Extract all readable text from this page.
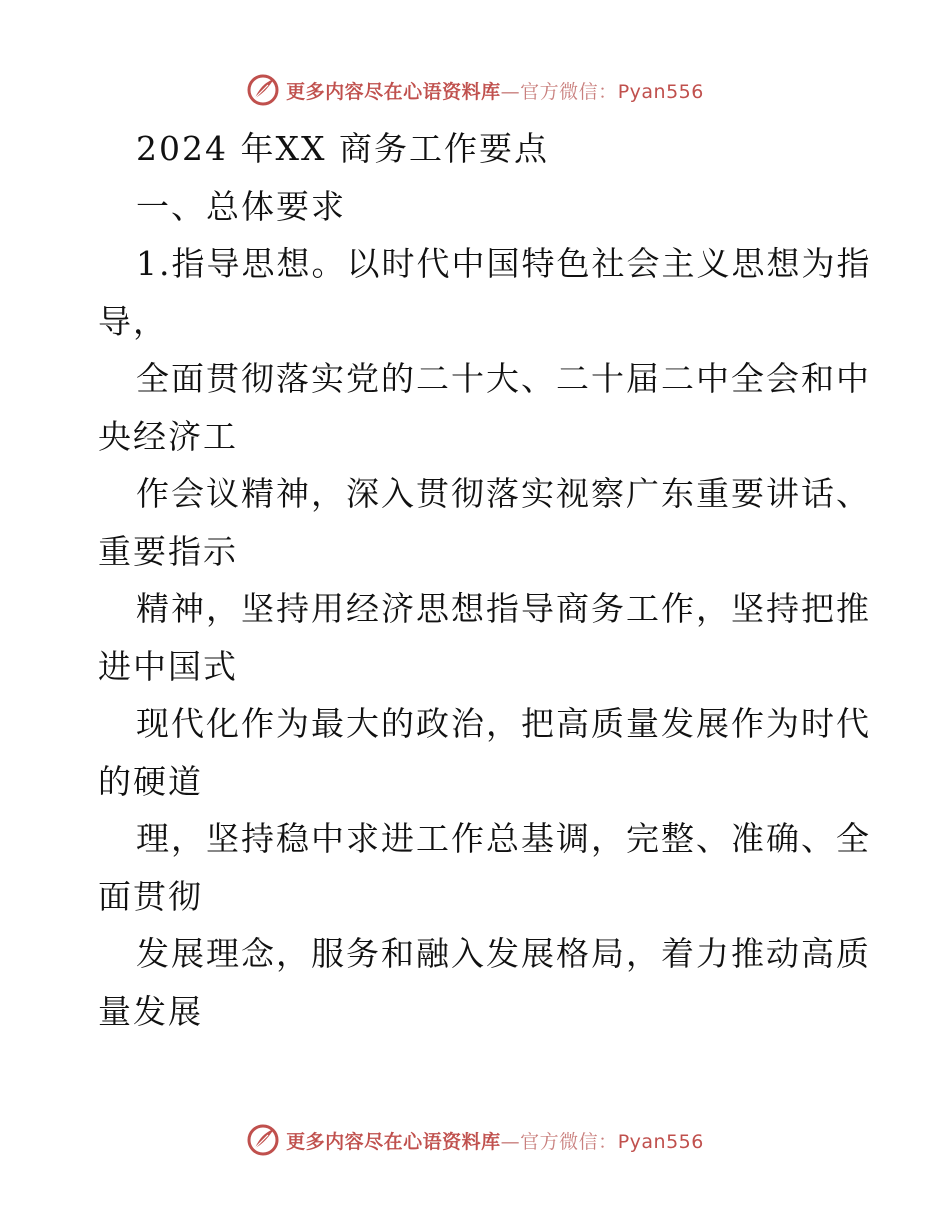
更多内容尽在心语资料库—官方微信：Pyan556
2024 年XX 商务工作要点
一、总体要求
1.指导思想。以时代中国特色社会主义思想为指
导，
全面贯彻落实党的二十大、二十届二中全会和中
央经济工
作会议精神，深入贯彻落实视察广东重要讲话、
重要指示
精神，坚持用经济思想指导商务工作，坚持把推
进中国式
现代化作为最大的政治，把高质量发展作为时代
的硬道
理，坚持稳中求进工作总基调，完整、准确、全
面贯彻
发展理念，服务和融入发展格局，着力推动高质
量发展
更多内容尽在心语资料库—官方微信：Pyan556
